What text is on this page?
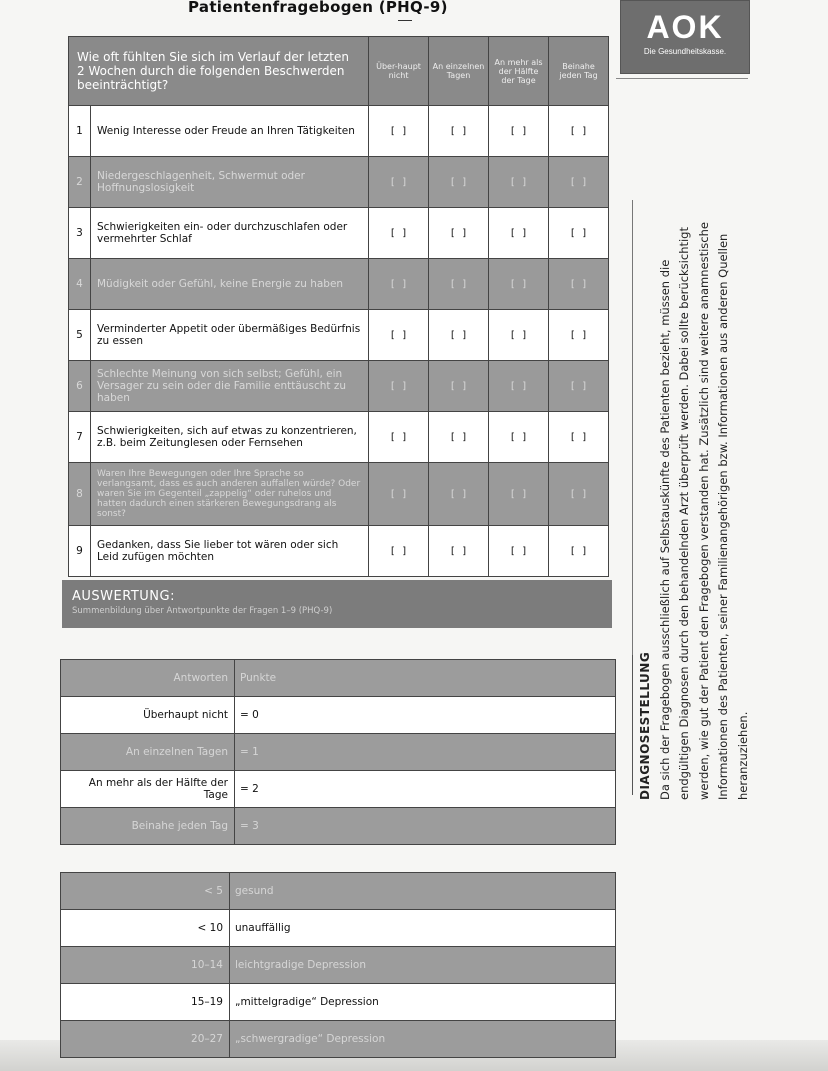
Patientenfragebogen (PHQ-9)
AOK
Die Gesundheitskasse.
Wie oft fühlten Sie sich im Verlauf der letzten 2 Wochen durch die folgenden Beschwerden beeinträchtigt?		Über-haupt nicht	An einzelnen Tagen	An mehr als der Hälfte der Tage	Beinahe jeden Tag
1	Wenig Interesse oder Freude an Ihren Tätigkeiten	[ ]	[ ]	[ ]	[ ]
2	Niedergeschlagenheit, Schwermut oder Hoffnungslosigkeit	[ ]	[ ]	[ ]	[ ]
3	Schwierigkeiten ein- oder durchzuschlafen oder vermehrter Schlaf	[ ]	[ ]	[ ]	[ ]
4	Müdigkeit oder Gefühl, keine Energie zu haben	[ ]	[ ]	[ ]	[ ]
5	Verminderter Appetit oder übermäßiges Bedürfnis zu essen	[ ]	[ ]	[ ]	[ ]
6	Schlechte Meinung von sich selbst; Gefühl, ein Versager zu sein oder die Familie enttäuscht zu haben	[ ]	[ ]	[ ]	[ ]
7	Schwierigkeiten, sich auf etwas zu konzentrieren, z.B. beim Zeitunglesen oder Fernsehen	[ ]	[ ]	[ ]	[ ]
8	Waren Ihre Bewegungen oder Ihre Sprache so verlangsamt, dass es auch anderen auffallen würde? Oder waren Sie im Gegenteil „zappelig“ oder ruhelos und hatten dadurch einen stärkeren Bewegungsdrang als sonst?	[ ]	[ ]	[ ]	[ ]
9	Gedanken, dass Sie lieber tot wären oder sich Leid zufügen möchten	[ ]	[ ]	[ ]	[ ]
AUSWERTUNG:
Summenbildung über Antwortpunkte der Fragen 1–9 (PHQ-9)
Antworten	Punkte
Überhaupt nicht	= 0
An einzelnen Tagen	= 1
An mehr als der Hälfte der Tage	= 2
Beinahe jeden Tag	= 3
< 5	gesund
< 10	unauffällig
10–14	leichtgradige Depression
15–19	„mittelgradige“ Depression
20–27	„schwergradige“ Depression
DIAGNOSESTELLUNG Da sich der Fragebogen ausschließlich auf Selbstauskünfte des Patienten bezieht, müssen die endgültigen Diagnosen durch den behandelnden Arzt überprüft werden. Dabei sollte berücksichtigt werden, wie gut der Patient den Fragebogen verstanden hat. Zusätzlich sind weitere anamnestische Informationen des Patienten, seiner Familienangehörigen bzw. Informationen aus anderen Quellen heranzuziehen.
